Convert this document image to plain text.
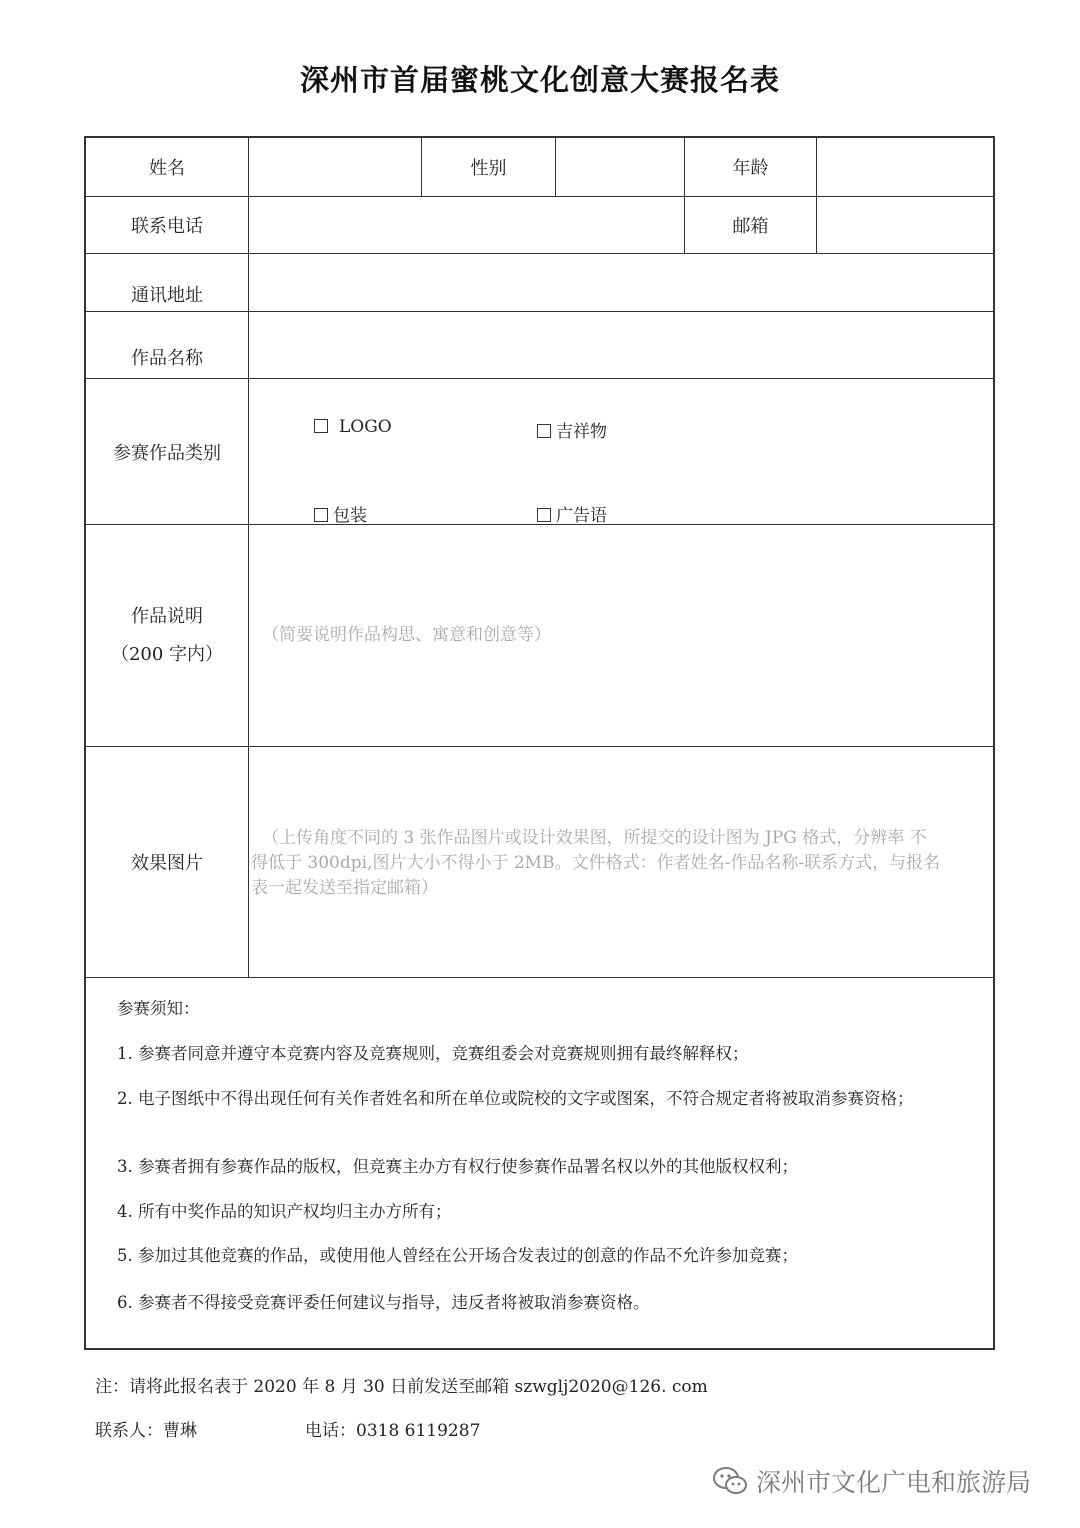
深州市首届蜜桃文化创意大赛报名表
姓名	性别	年龄
联系电话	邮箱
通讯地址
作品名称
参赛作品类别
LOGO	吉祥物
包装	广告语
作品说明
（200 字内）
（简要说明作品构思、寓意和创意等）
效果图片
（上传角度不同的 3 张作品图片或设计效果图，所提交的设计图为 JPG 格式，分辨率 不
得低于 300dpi,图片大小不得小于 2MB。文件格式：作者姓名-作品名称-联系方式，与报名
表一起发送至指定邮箱）
参赛须知：
1. 参赛者同意并遵守本竞赛内容及竞赛规则，竞赛组委会对竞赛规则拥有最终解释权；
2. 电子图纸中不得出现任何有关作者姓名和所在单位或院校的文字或图案，不符合规定者将被取消参赛资格；
3. 参赛者拥有参赛作品的版权，但竞赛主办方有权行使参赛作品署名权以外的其他版权权利；
4. 所有中奖作品的知识产权均归主办方所有；
5. 参加过其他竞赛的作品，或使用他人曾经在公开场合发表过的创意的作品不允许参加竞赛；
6. 参赛者不得接受竞赛评委任何建议与指导，违反者将被取消参赛资格。
注：请将此报名表于 2020 年 8 月 30 日前发送至邮箱 szwglj2020@126. com
联系人：曹琳	电话：0318 6119287
深州市文化广电和旅游局
